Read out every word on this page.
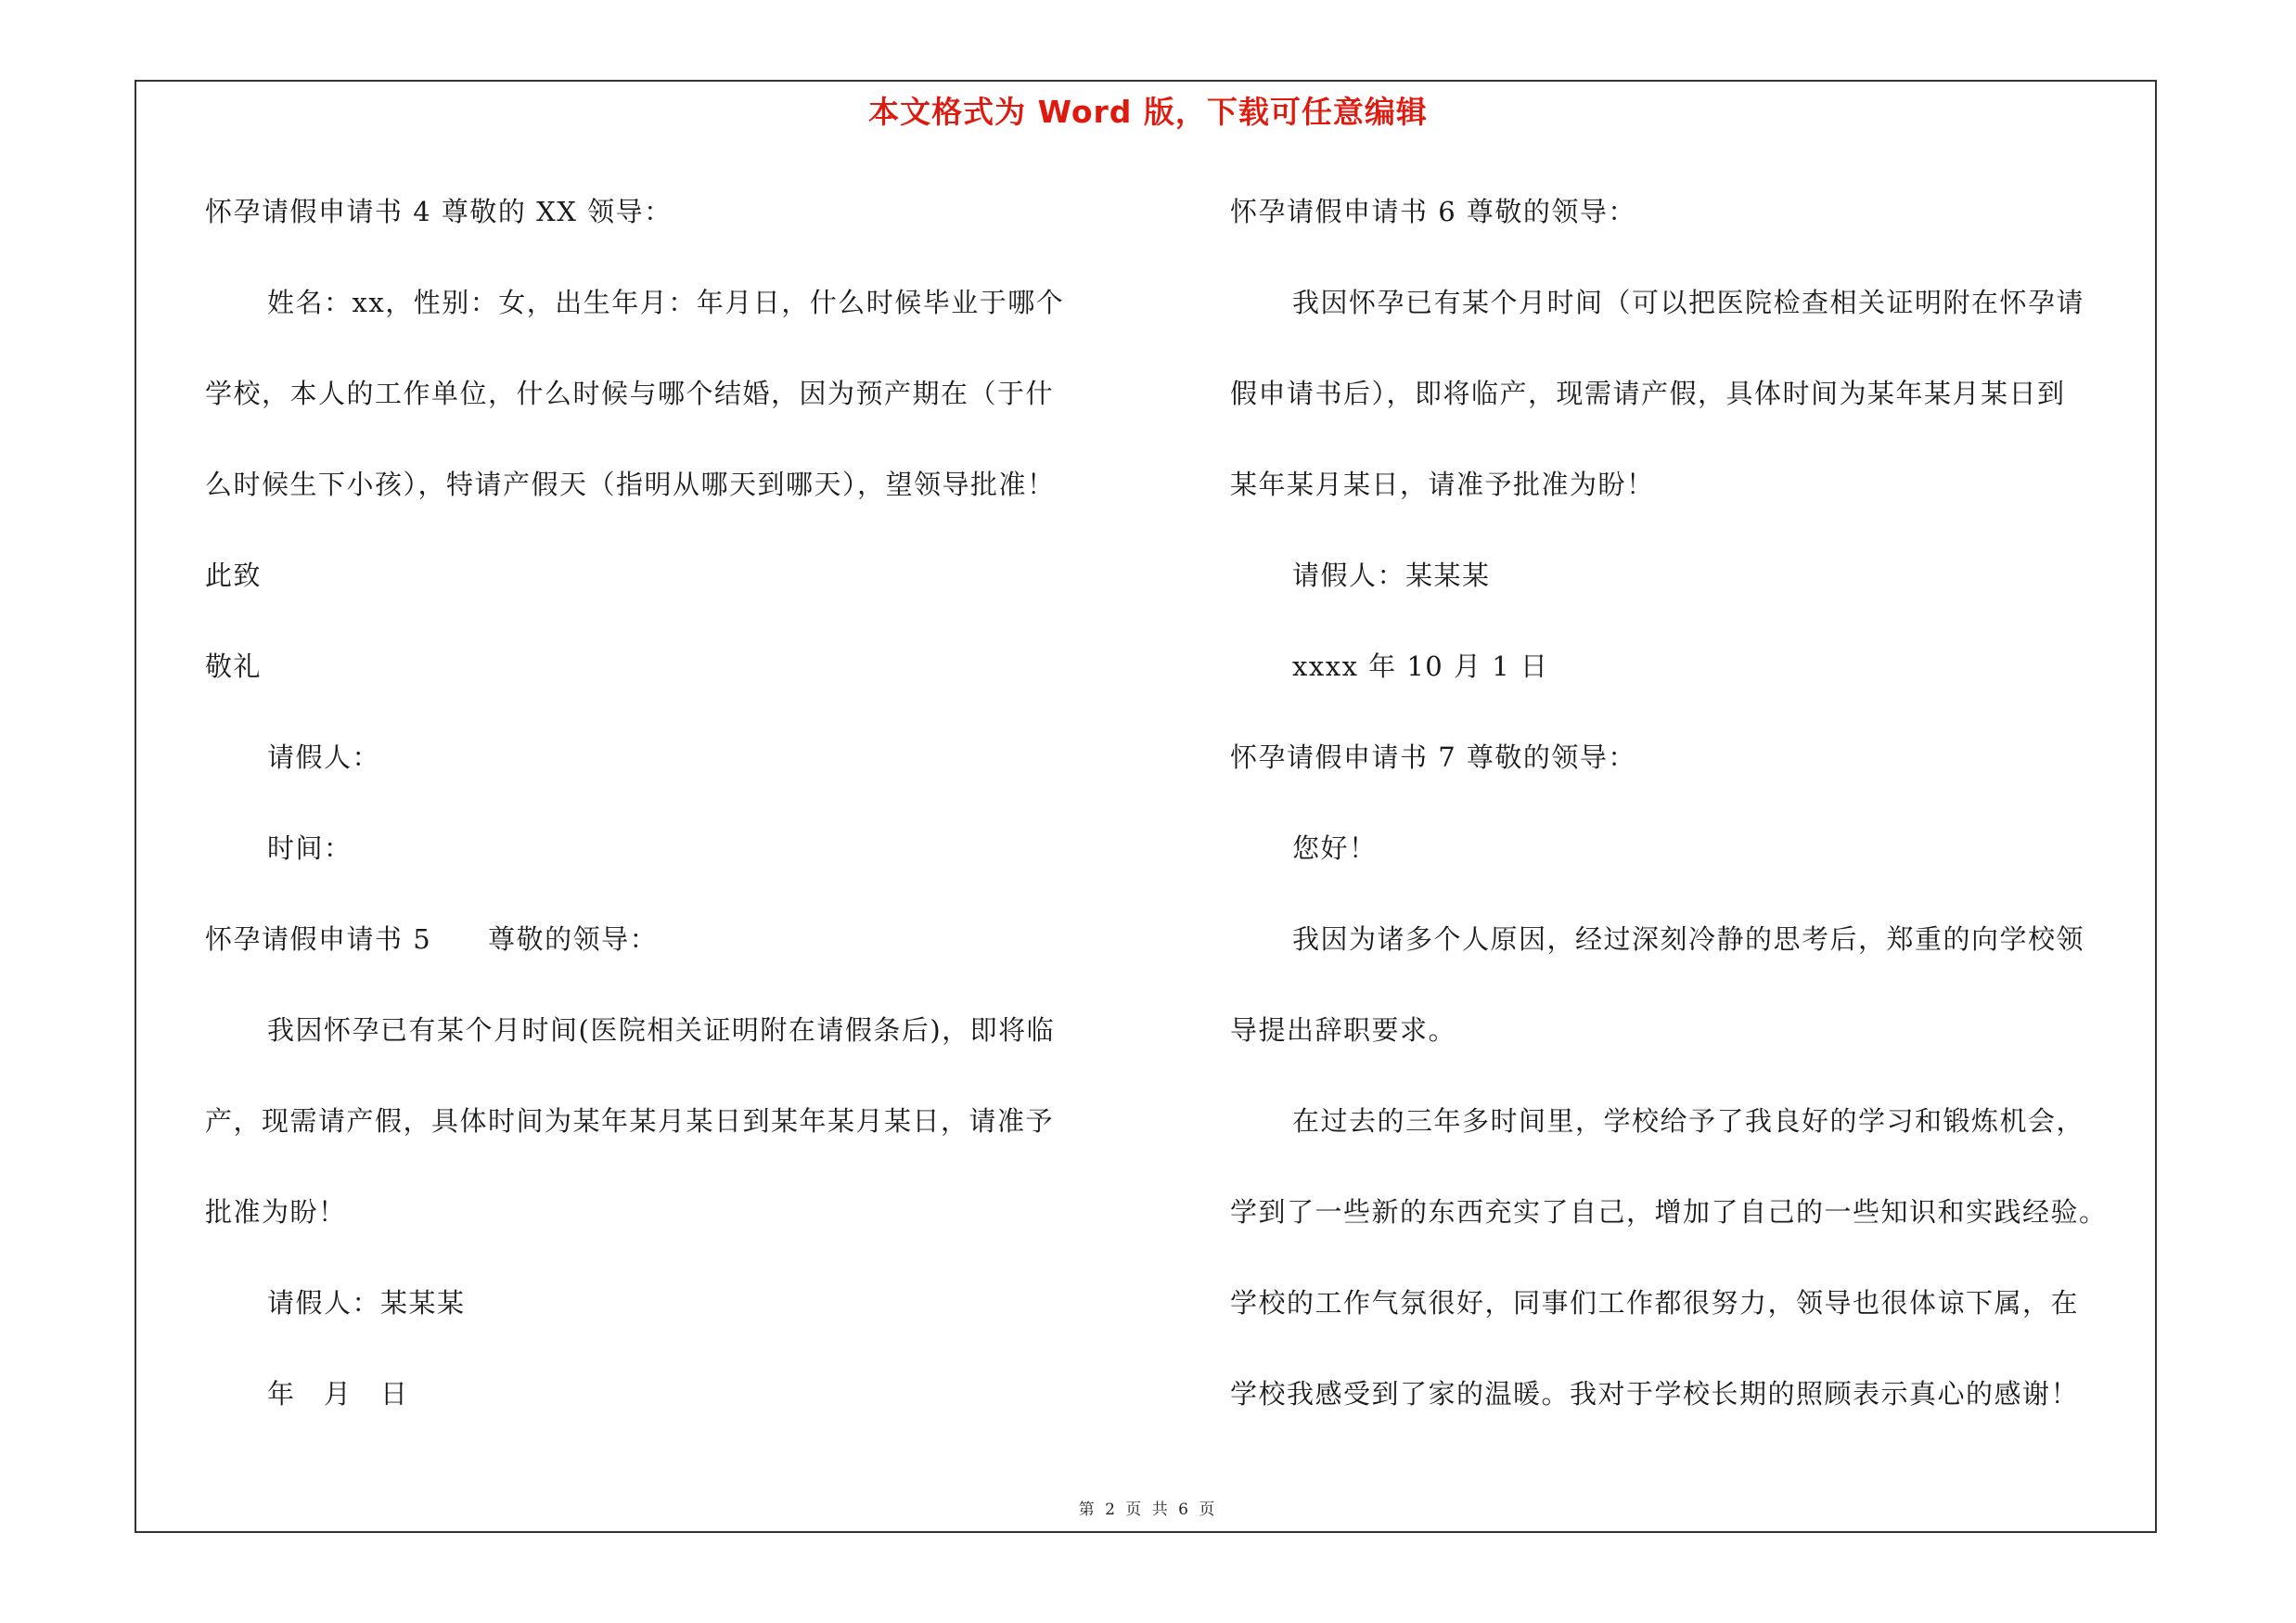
本文格式为 Word 版，下载可任意编辑
怀孕请假申请书 4 尊敬的 XX 领导：
姓名：xx，性别：女，出生年月：年月日，什么时候毕业于哪个
学校，本人的工作单位，什么时候与哪个结婚，因为预产期在（于什
么时候生下小孩），特请产假天（指明从哪天到哪天），望领导批准！
此致
敬礼
请假人：
时间：
怀孕请假申请书 5　　尊敬的领导：
我因怀孕已有某个月时间(医院相关证明附在请假条后)，即将临
产，现需请产假，具体时间为某年某月某日到某年某月某日，请准予
批准为盼！
请假人：某某某
年　月　日
怀孕请假申请书 6 尊敬的领导：
我因怀孕已有某个月时间（可以把医院检查相关证明附在怀孕请
假申请书后），即将临产，现需请产假，具体时间为某年某月某日到
某年某月某日，请准予批准为盼！
请假人：某某某
xxxx 年 10 月 1 日
怀孕请假申请书 7 尊敬的领导：
您好！
我因为诸多个人原因，经过深刻冷静的思考后，郑重的向学校领
导提出辞职要求。
在过去的三年多时间里，学校给予了我良好的学习和锻炼机会，
学到了一些新的东西充实了自己，增加了自己的一些知识和实践经验。
学校的工作气氛很好，同事们工作都很努力，领导也很体谅下属，在
学校我感受到了家的温暖。我对于学校长期的照顾表示真心的感谢！
第 2 页 共 6 页
